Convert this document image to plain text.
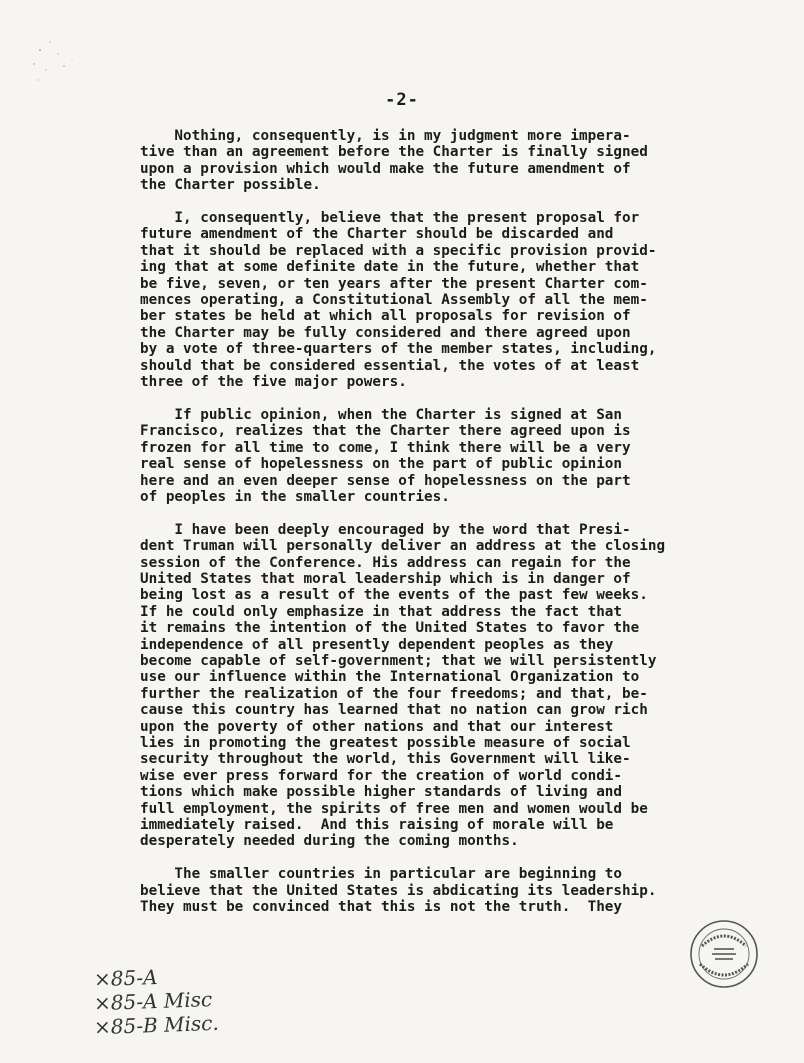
-2-
Nothing, consequently, is in my judgment more impera-
tive than an agreement before the Charter is finally signed
upon a provision which would make the future amendment of
the Charter possible.
I, consequently, believe that the present proposal for
future amendment of the Charter should be discarded and
that it should be replaced with a specific provision provid-
ing that at some definite date in the future, whether that
be five, seven, or ten years after the present Charter com-
mences operating, a Constitutional Assembly of all the mem-
ber states be held at which all proposals for revision of
the Charter may be fully considered and there agreed upon
by a vote of three-quarters of the member states, including,
should that be considered essential, the votes of at least
three of the five major powers.
If public opinion, when the Charter is signed at San
Francisco, realizes that the Charter there agreed upon is
frozen for all time to come, I think there will be a very
real sense of hopelessness on the part of public opinion
here and an even deeper sense of hopelessness on the part
of peoples in the smaller countries.
I have been deeply encouraged by the word that Presi-
dent Truman will personally deliver an address at the closing
session of the Conference. His address can regain for the
United States that moral leadership which is in danger of
being lost as a result of the events of the past few weeks.
If he could only emphasize in that address the fact that
it remains the intention of the United States to favor the
independence of all presently dependent peoples as they
become capable of self-government; that we will persistently
use our influence within the International Organization to
further the realization of the four freedoms; and that, be-
cause this country has learned that no nation can grow rich
upon the poverty of other nations and that our interest
lies in promoting the greatest possible measure of social
security throughout the world, this Government will like-
wise ever press forward for the creation of world condi-
tions which make possible higher standards of living and
full employment, the spirits of free men and women would be
immediately raised.  And this raising of morale will be
desperately needed during the coming months.
The smaller countries in particular are beginning to
believe that the United States is abdicating its leadership.
They must be convinced that this is not the truth.  They
×85-A
×85-A Misc
×85-B Misc.
